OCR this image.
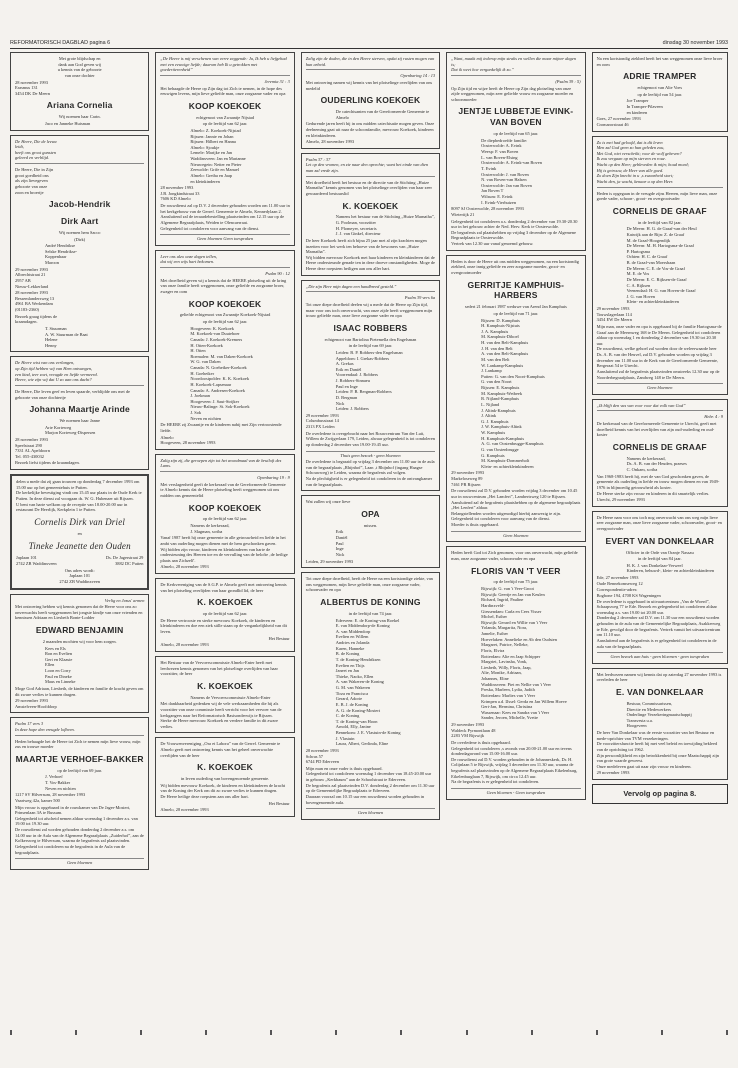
REFORMATORISCH DAGBLAD pagina 6	dinsdag 30 november 1993
Met grote blijdschap en
dank aan God geven wij
u kennis van de geboorte
van onze dochter
28 november 1993
Erasmus 131
3454 DK De Meern
Ariana Cornelia
Wij noemen haar Carin.
Jaco en Janneke Huisman
De Heere, Die de leeuw
leidt,
heeft ons groot gunsten
geleerd en verblijd.
De Heere, Die in Zijn
groot goedheid ons
als zijn lievegeven
geboorte van onze
zoon en broertje
Jacob-Hendrik
Dirk Aart
Wij noemen hem Sacco
(Dirk)
André Hendrikse
Selske Hendrikse-
Koppenhaar
Maroon
29 november 1993
Albrechtstraat 21
2957 AB
Nieuw-Lekkerland
28 november 1993
Bessemlandersweg 13
4961 BA Werkendam
(01183-2360)
Bezoek graag tijdens de
kraamdagen.
T. Stuurman
A. W. Stuurman de Baat
Helene
Henny
De Heere wist van ons verlangen,
op Zijn tijd hebben wij van Hem ontvangen,
een kind, teer zoet, vreugde en liefde vermeerd.
Heere, wie zijn wij dat U zo aan ons dacht?
De Heere, Die leven geef en leven spaarde, verblijdde ons met de geboorte van onze dochtertje
Johanna Maartje Arinde
We noemen haar Janne
Arie Korteweg
Marjon Korteweg-Dispersen
28 november 1993
Speelstraat 290
7331 AL Apeldoorn
Tel. 055-430032
Bezoek liefst tijdens de kraamdagen.
delen u mede dat zij gaan trouwen op donderdag 7 december 1993 om 15.00 uur op het gemeentehuis te Putten.
De kerkelijke bevestiging vindt om 15.45 uur plaats in de Oude Kerk te Putten. In deze dienst zal voorgaan ds. W. G. Hubenaer uit Rijssen.
U bent van harte welkom op de receptie van 18.00-20.00 uur in restaurant De Heerlijk, Kerkplein 1 te Putten.
Cornelis Dirk van Driel
en
Tineke Jeanette den Ouden
Japlaan 101
2742 ZB Waddinxveen
Ds. De Jagerstraat 29
3882 DC Putten
Ons adres wordt:
Japlaan 101
2742 ZB Waddinxveen
Verlig en Jezus' armen
Met ontroering hebben wij kennis genomen dat de Heere voor ons zo onverwachts heeft weggenomen het jongste kindje van onze vrienden en kennissen Adriaan en Liesbeth Bonte-Lodder
EDWARD BENJAMIN
2 maanden mochten wij voor hem zorgen.
Kees en Els
Ron en Evelien
Gert en Klaasie
Ellen
Loon en Corry
Paul en Dineke
Maus en Linneke
Moge God Adriaan, Liesbeth, de kinderen en familie de kracht geven om dit zware verlies te kunnen dragen.
29 november 1993
Amstelveen-Hoofddorp
Psalm 17 vers 3
In deze hope den vreugde lofbeen.
Heden behaagde het de Heere tot Zich te nemen mijn lieve vrouw, mijn zus en trouwe moeder
MAARTJE VERHOEF-BAKKER
op de leeftijd van 69 jaar.
J. Verhoef
T. Vos-Bakker
Neven en nichten
1217 SV Hilversum, 28 november 1993
Vaartweg 42a, kamer 500
Mijn vrouw is opgebaard in de rouwkamer van De Jager-Mostert, Prinsenlaan 3A te Bussum.
Gelegenheid tot afscheid nemen aldaar woensdag 1 december a.s. van 19.00 tot 19.30 uur.
De rouwdienst zal worden gehouden donderdag 2 december a.s. om 14.00 uur in de Aula van de Algemene Begraafplaats „Zuiderhof”, aan de Kolkersweg te Hilversum, waarna de begrafenis zal plaatsvinden.
Gelegenheid tot condoleren na de begrafenis in de Aula van de begraafplaats.
Geen bloemen
„De Heere is mij verschenen van verre zeggende: Ja, Ik heb u liefgehad met een eeuwige liefde; daarom heb Ik u getrokken met goedertierenheid”
Jeremia 31 : 3
Het behaagde de Heere op Zijn dag tot Zich te nemen, in de hope des eeuwigen levens, mijn lieve geliefde man, onze zorgzame vader en opa
KOOP KOEKOEK
echtgenoot van Zwaantje Nijstad
op de leeftijd van 62 jaar.
Almelo: Z. Koekoek-Nijstad
Rijssen: Jannie en Johan
Rijssen: Hilbert en Hanna
Almelo: Sjoukje
Lemele: Marijke en Jan
Waddinxveen: Jan en Marianne
Nieuwegein: Netter en Pieter
Zeewolde: Grife en Manuel
Almelo: Gretha en Jaap
en kleinkinderen
28 november 1993
J.B. Jongkindstraat 33
7606 KD Almelo
De rouwdienst zal op D.V. 2 december gehouden worden om 11.00 uur in het kerkgebouw van de Gerref. Gemeente te Almelo, Kennedylaan 2.
Aansluitend zal de teraardebestelling plaatsvinden om 12.15 uur op de Algemene Begraafplaats, Weiden te Olencaerraat.
Gelegenheid tot condoleren voor aanvang van de dienst.
Geen bloemen Geen toespraken
Leer ons alzo onze dagen tellen,
dat wij een wijs hart bekomen.
Psalm 90 : 12
Met droefheid geven wij u kennis dat de HEERE plotseling uit de kring van onze familie heeft weggenomen, onze geliefde en zorgzame broer, zwager en oom
KOOP KOEKOEK
geliefde echtgenoot van Zwaantje Koekoek-Nijstad
op de leeftijd van 62 jaar.
Hoogeveen: K. Koekoek
M. Koekoek-van Duuteboer
Canada: J. Koekoek-Kremers
H. Otten-Koekoek
H. Otten
Roemalen: M. van Daken-Koekoek
W. G. van Daken
Canada: N. Goeheiker-Koekoek
H. Goeheiker
Noordoostpolder: K. K. Koekoek
H. Koekoek-Lapsenaar
Canada: A. Andresen-Koekoek
J. Joekman
Hoogeveen: J. Saut-Strijker
Nieuw-Balinge: St. Sok-Koekoek
J. Sok
Neven en nichten
De HEERE zij Zwaantje en de kinderen nabij met Zijn vertroostende liefde.
Almelo
Hoogeveen, 28 november 1993
Zalig zijn zij, die geroepen zijn tot het avondmaal van de bruiloft des Lams.
Openbaring 19 : 9
Met verslagenheid geeft de kerkeraad van de Gereformeerde Gemeente te Almelo kennis dat de Heere plotseling heeft weggenomen uit ons midden ons gemeentelid
KOOP KOEKOEK
op de leeftijd van 62 jaar.
Namens de kerkeraad,
J. Slagman, scriba
Vanaf 1987 heeft hij onze gemeente in alle getrouwheid en liefde in het ambt van ouderling mogen dienen met de hem geschonken gaven.
Wij bidden zijn vrouw, kinderen en kleinkinderen van harte de ondersteuning des Heeren toe en de vervulling van de belofte ‚de heilige plaats aan Zichzelf'.
Almelo, 28 november 1993
De Kerkvereniging van de S.G.P. te Almelo geeft met ontroering kennis van het plotseling overlijden van haar grondlid lid, de heer
K. KOEKOEK
op de leeftijd van 62 jaar.
De Heere vertrooste en sterke mevrouw Koekoek, de kinderen en kleinkinderen en doe een ziek stille staan op de vergankelijkheid van dit leven.
Het Bestuur
Almelo, 28 november 1993
Het Bestuur van de Vervoerscommissie Almelo-Enter heeft met leedwezen kennis genomen van het plotselinge overlijden van haar voorzitter, de heer
K. KOEKOEK
Namens de Vervoerscommissie Almelo-Enter
Met dankbaarheid gedenken wij de vele werkzaamheden die hij als voorzitter van onze commissie heeft verricht voor het vervoer van de kerkgangers naar het Reformatorisch Basisonderwijs te Rijssen.
Sterke de Heere mevrouw Koekoek en verdere familie in dit zware verlies.
De Vrouwenvereniging „Ora et Labora” van de Gerref. Gemeente te Almelo geeft met ontroering kennis van het geheel onverwachte overlijden van de heer
K. KOEKOEK
in leven ouderling van bovengenoemde gemeente.
Wij bidden mevrouw Koekoek, de kinderen en kleinkinderen de kracht van de Koning der Kerk om dit zo zware verlies te kunnen dragen.
De Heere heilige deze roepstem aan ons aller hart.
Het Bestuur
Almelo, 28 november 1993
Zalig zijn de doden, die in den Heere sterven, opdat zij rusten mogen van hun arbeid.
Openbaring 14 : 13
Met ontroering namen wij kennis van het plotselinge overlijden van ons medelid
OUDERLING KOEKOEK
De catechisanten van de Gereformeerde Gemeente te Almelo
Gedurende jaren heeft hij in ons midden catechisatie mogen geven. Onze deelneming gaat uit naar de schoonfamilie, mevrouw Koekoek, kinderen en kleinkinderen.
Almelo, 28 november 1993
Psalm 37 : 37
Let op den vromen, en zie naar den oprechte; want het einde van dien man zal vrede zijn.
Met droefheid heeft het bestuur en de directie van de Stichting „Huize Marnatha” kennis genomen van het plotselinge overlijden van haar zeer gewaardeerd bestuurslid
K. KOEKOEK
Namens het bestuur van de Stichting „Huize Marnatha”,
G. Poolman, voorzitter
H. Plomeyer, secretaris
J. J. van Ginkel, directeur
De heer Koekoek heeft zich bijna 25 jaar met al zijn krachten mogen inzetten voor het werk ten behoeve van de bewoners van „Huize Marnatha”.
Wij bidden mevrouw Koekoek met haar kinderen en kleinkinderen dat de Heere ondersteunde genade ten in deze droeve omstandigheden. Moge de Heere deze roepstem heiligen aan ons aller hart.
„Die zijn Here mijn dagen een handbreed gesteld.”
Psalm 39 vers 6a
Tot onze diepe droefheid deelen wij u mede dat de Heere op Zijn tijd, maar voor ons toch onverwacht, van onze zijde heeft weggenomen mijn trouw geliefde man, onze lieve zorgzame vader en opa
ISAAC ROBBERS
echtgenoot van Bartolina Pietemella den Engelsman
in de leeftijd van 69 jaar.
Leiden: B. P. Robbers-den Engelsman
Appeldorn: I. Grekas-Robbers
A. Grekas
Erik en Daniël
Voorrendaal: J. Robbers
J. Robbers-Sinnaeu
Paul en Inge
Leiden: P. B. Bergman-Robbers
D. Bergman
Nick
Leiden: J. Robbers
29 november 1993
Columbusstraat 14
2313 PX Leiden
De overledene is overgebracht naar het Rouwcentrum Van der Luit, Willem de Zwijgerlaan 179, Leiden, alwaar gelegenheid is tot condoleren op donderdag 2 december van 19.00-19.45 uur.
Thuis geen bezoek - geen bloemen
De overledene is begraaid op vrijdag 3 december om 11.00 uur in de aula van de begraafplaats „Rhijnhof”, Laan ‚t Rhijnhof (ingang Haagse Schouwweg) te Leiden, waarna de begrafenis zal volgen.
Na de plechtigheid is er gelegenheid tot condoleren in de ontvangkamer van de begraafplaats.
Wat zullen wij onze lieve
OPA
missen.
Erik
Daniël
Paul
Inge
Nick
Leiden, 29 november 1993
Tot onze diepe droefheid, heeft de Heere na een kortstondige ziekte, van ons weggenomen, mijn lieve geliefde man, onze zorgzame vader, schoonvader en opa
ALBERTUS DE KONING
in de leeftijd van 74 jaar.
Ederveen: E. de Koning-van Roekel
E. van Middendorp-de Koning
A. van Middendorp
Evelien en Willem
Andries en Jolanda
Karen, Hanneke
B. de Koning
T. de Koning-Hendriksen
Evelien en Thijs
Janeet en Jan
Thieke, Naoko, Ellen
A. van Wakeren-de Koning
G. M. van Wakeren
Tirza en Francisca
Gerard, Adorie
E. B. J. de Koning
A. G. de Koning-Mostert
C. de Koning
T. de Koning-van Hoon
Arnold, Elly, Janine
Bennekom: J. E. Vlastuin-de Koning
J. Vlastuin
Laura, Albert, Gerlinda, Eline
28 november 1993
Schras 57
6744 PD Ederveen
Mijn man en onze vader is thuis opgebaard.
Gelegenheid tot condoleren woensdag 1 december van 18.45-20.00 uur in gebouw „Kerkbaum” aan de Schoolstraat te Ederveen.
De begrafenis zal plaatsvinden D.V. donderdag 2 december om 11.30 uur op de Gemeentelijke Begraafplaats te Ederveen.
Daaraan voorzal om 10.15 uur een rouwdienst worden gehouden in bovengenoemde aula.
Geen bloemen
„Want, maakt mij iederop mijn straks en wellen die maar mijner dagen is;
Dat ik weet hoe vergankelijk ik zo.”
(Psalm 39 : 5)
Op Zijn tijd en wijze heeft de Heere op Zijn dag plotseling van onze zijde weggenomen, mijn zeer geliefde vrouw en zorgzame moeder en schoonmoeder
JENTJE LUBBETJE EVINK-VAN BOVEN
op de leeftijd van 65 jaar.
De diepbedroefde familie:
Oosterwolde: A. Evink
Weesp: F. van Boven
L. van Boven-Elsing
Oosterwolde: A. Evink-van Boven
T. Evink
Oosterwolde: J. van Boven
N. van Boven-van Halsen
Oosterwolde: Jan van Boven
Jan Boven T
Wilsum: E. Evink
I. Evink-Vierhuizen
8097 SJ Oosterwolde, 28 november 1993
Wieteriijk 21
Gelegenheid tot condoleren a.s. donderdag 2 december van 19.30-20.30 uur in het gebouw achter de Ned. Herv. Kerk te Oosterwolde.
De begrafenis zal plaatshebben op vrijdag 3 december op de Algemene Begraafplaats te Oosterwolde.
Vertrek van 12.30 uur vanaf genoemd gebouw.
Heden is door de Heere uit ons midden weggenomen, na een kortstondig ziekbed, onze innig geliefde en zeer zorgzame moeder, groot- en overgrootmoeder
GERRITJE KAMPHUIS-HARBERS
sedert 21 februari 1987 weduwe van Arend Jan Kamphuis
op de leeftijd van 71 jaar.
Rijssen: D. Kamphuis
H. Kamphuis-Nijstuis
J. A. Kamphuis
M. Kamphuis-Diboel
H. van den Belt-Kamphuis
J. H. van den Belt
A. van den Belt-Kamphuis
M. van den Belt
W. Lankamp-Kamphuis
J. Lankamp
Putten: G. van den Noort-Kamphuis
G. van den Noort
Rijssen: E. Kamphuis
M. Kamphuis-Wetbeek
R. Nijland-Kamphuis
L. Nijland
J. Altink-Kamphuis
J. Altink
G. J. Kamphuis
J. W. Kamphuis-Altink
W. Kamphuis
H. Kamphuis-Kamphuis
A. G. van Oostenbrugge-Kamphuis
G. van Oostenbrugge
G. Kamphuis
M. Kamphuis-Dommerholt
Klein- en achterkleinkinderen
29 november 1993
Markeloseweg 89
7461 PR Rijssen
De rouwdienst zal D.V. gehouden worden vrijdag 3 december om 10.45 uur in rouwcentrum „Het Lamfert”, Lambertsweg 120 te Rijssen. Aansluitend zal de begrafenis plaatshebben op de algemene begraafplaats „Het Lenfert” aldaar.
Belangstellenden worden uitgenodigd hierbij aanwezig te zijn.
Gelegenheid tot condoleren voor aanvang van de dienst.
Moeder is thuis opgebaard.
Geen bloemen
Heden heeft God tot Zich genomen, voor ons onverwacht, mijn geliefde man, onze zorgzame vader, schoonvader en opa
FLORIS VAN 'T VEER
op de leeftijd van 75 jaar.
Rijswijk: G. van 't Veer-Groot
Rijswijk: Geertje en Jan van Keulen
Richard, Ingrid, Pauline
Hardinxveld-
Giessendam: Carla en Cees Visser
Michel, Esther
Rijswijk: Gerard en Willie van 't Veer
Yolanda, Margarita, Nora,
Jamelie, Esther
Hoevelaken: Annelieke en Ab den Oudsten
Margaret, Patrice, Nelleke,
Floris, Elvira
Rotterdam: Alie en Jaap Schipper
Margriet, Lavinsha, Vonk,
Liesbeth, Willy, Floris, Jaap,
Alie, Monike, Adriaan,
Johannes, Eline
Waddinxveen: Piet en Nellie van 't Veer
Preska, Marleen, Lydia, Judith
Rotterdam: Marlies van 't Veer
Krimpen a.d. IJssel: Gerda en Jan Willem Hoeve
Gert-Jan, Hermina, Christina
Wassenaar: Kees en Sandra van 't Veer
Sander, Jeroen, Michelle, Yvette
29 november 1993
Waldeck Pyrmontlaan 48
2283 VM Rijswijk
De overledene is thuis opgebaard.
Gelegenheid tot condoleren ‚s avonds van 20.00-21.00 uur en tevens donderdagavond van 15.00-16.00 uur.
De rouwdienst zal D.V. worden gehouden in de Johanneskerk, Dr. H. Colijnlaan 5 te Rijswijk, vrijdag 3 december om 11.30 uur, waarna de begrafenis zal plaatsvinden op de Algemene Begraafplaats Eikelenburg, Eikelenburglaan 7, Rijswijk, om circa 12.45 uur.
Na de begrafenis is er gelegenheid tot condoleren.
Geen bloemen - Geen toespraken
Na een kortstondig ziekbed heeft het van weggenomen onze lieve broer en oom
ADRIE TRAMPER
echtgenoot van Alie Voes
op de leeftijd van 54 jaar.
Joe Tramper
In Tramper-Pilaveen
en kinderen
Goes, 27 november 1993
Cromarorstraat 46
Zo is mei had geloofd, dat is dit leven
Men zal God geen zo hun geleden zou,
Met God, niet verschrikt; voor de wolf geheven?
Ik zou vergaan op mijn sterven en roue.
Wacht op den Heer; gebleveden ik mijn; houd moed;
Hij is getrouw, de Heer van alle goed.
Zo doen Zijn knecht in u ‚s zwaarheid stort;
Wacht den, ja wacht, kenaar u op den Heer.
Heden is opgegaan in de vreugde zijns Heeren, mijn lieve man, onze goede vader, schoon-, groot- en overgrootvader
CORNELIS DE GRAAF
in de leeftijd van 82 jaar.
De Meern: H. G. de Graaf-van der Heul
Katwijk aan de Rijn: Z. de Graaf
M. de Graaf-Hoogendijk
De Meern: M. H. Hartogsma-de Graaf
P. Hartogsma
Ochten: H. C. de Graaf
B. de Graaf-van Moersbaan
De Meern: C. E. de Vos-de Graaf
M. E. de Vos
De Meern: E. C. Rijksen-de Graaf
C. A. Rijksen
Veenendaal: H. G. van Hoven-de Graaf
J. G. van Hoven
Klein- en achterkleinkinderen
29 november 1993
Touwslagerlaan 114
3454 EW De Meern
Mijn man, onze vader en opa is opgebaard bij de familie Hartogsma-de Graaf aan de Meernweg 168 te De Meern. Gelegenheid tot condoleren aldaar op woensdag 1 en donderdag 2 december van 19.30 tot 20.30 uur.
De rouwdienst, welke gehoel zal worden door de weleerwaarde heer Ds. A. B. van der Heuvel, zal D.V. gehouden worden op vrijdag 3 december om 11.00 uur in de Kerk van de Gereformeerde Gemeente, Bergeraat 54 te Utrecht.
Aansluitend zal de begrafenis plaatsvinden omstreeks 12.30 uur op de Noorderbegraafplaats, Zandweg 148 te De Meern.
Geen bloemen
„Ik blijft den vas van voor voor dat volk van God”
Hebr. 4 : 9
De kerkeraad van de Gereformeerde Gemeente te Utrecht, geeft met droefheid kennis van het overlijden van zijn oud-ouderling en oud-koster
CORNELIS DE GRAAF
Namens de kerkeraad,
Ds. A. B. van der Heuden, praeses
C. Onkam, scriba
Van 1968-1983 heeft hij, met de van God geschonken gaven, de gemeente als ouderling in liefde en trouw mogen dienen en van 1949-1976 in blijmoedig getrouwheid als koster.
De Heere sterke zijn vrouw en kinderen in dit smartelijk verlies.
Utrecht, 29 november 1993
De Heere nam voor ons toch nog onverwacht van ons weg mijn lieve zeer zorgzame man, onze lieve zorgzame vader, schoonvader, groot- en overgrootvader
EVERT VAN DONKELAAR
Officier in de Orde van Oranje Nassau
in de leeftijd van 84 jaar.
H. K. J. van Donkelaar-Verweel
Kinderen, behuwd-, klein- en achterkleinkinderen
Ede, 27 november 1993
Oude Bennekomseweg 12
Correspondentie-adres:
Bogbone 194, 4708 KS Wageningen
De overledene is opgebaard in uitvaartcentrum „Van de Woerd”, Schaapsweg 77 te Ede. Bezoek en gelegenheid tot condoleren aldaar woensdag a.s. van 19.00 tot 20.00 uur.
Donderdag 2 december zal D.V. om 11.30 uur een rouwdienst worden gehouden in de aula van de Gemeentelijke Begraafplaats, Asakkerweg te Ede, gevolgd door de begrafenis. Vertrek vanuit het uitvaartcentrum om 11.10 uur.
Aansluitend aan de begrafenis is er gelegenheid tot condoleren in de aula van de begraafplaats.
Geen bezoek aan huis - geen bloemen - geen toespraken
Met leedwezen namen wij kennis dat op zaterdag 27 november 1993 is overleden de heer
E. VAN DONKELAAR
Bestuur, Commissarissen,
Directie en Medewerkers
Onderlinge Verzekeringmaatschappij
Transvesta u.a.
Hoogeveen
De heer Van Donkelaar was de eerste voorzitter van het Bestuur en mede-oprichter van TVM verzekeringen.
De voorzittersfunctie heeft hij met veel beleid en toewijding bekleed van de oprichting tot 1962.
Zijn persoonlijkheid en zijn betrokkenheid bij onze Maatschappij zijn van grote waarde geweest.
Onze medeleven gaat uit naar zijn vrouw en kinderen.
29 november 1993
Vervolg op pagina 8.
